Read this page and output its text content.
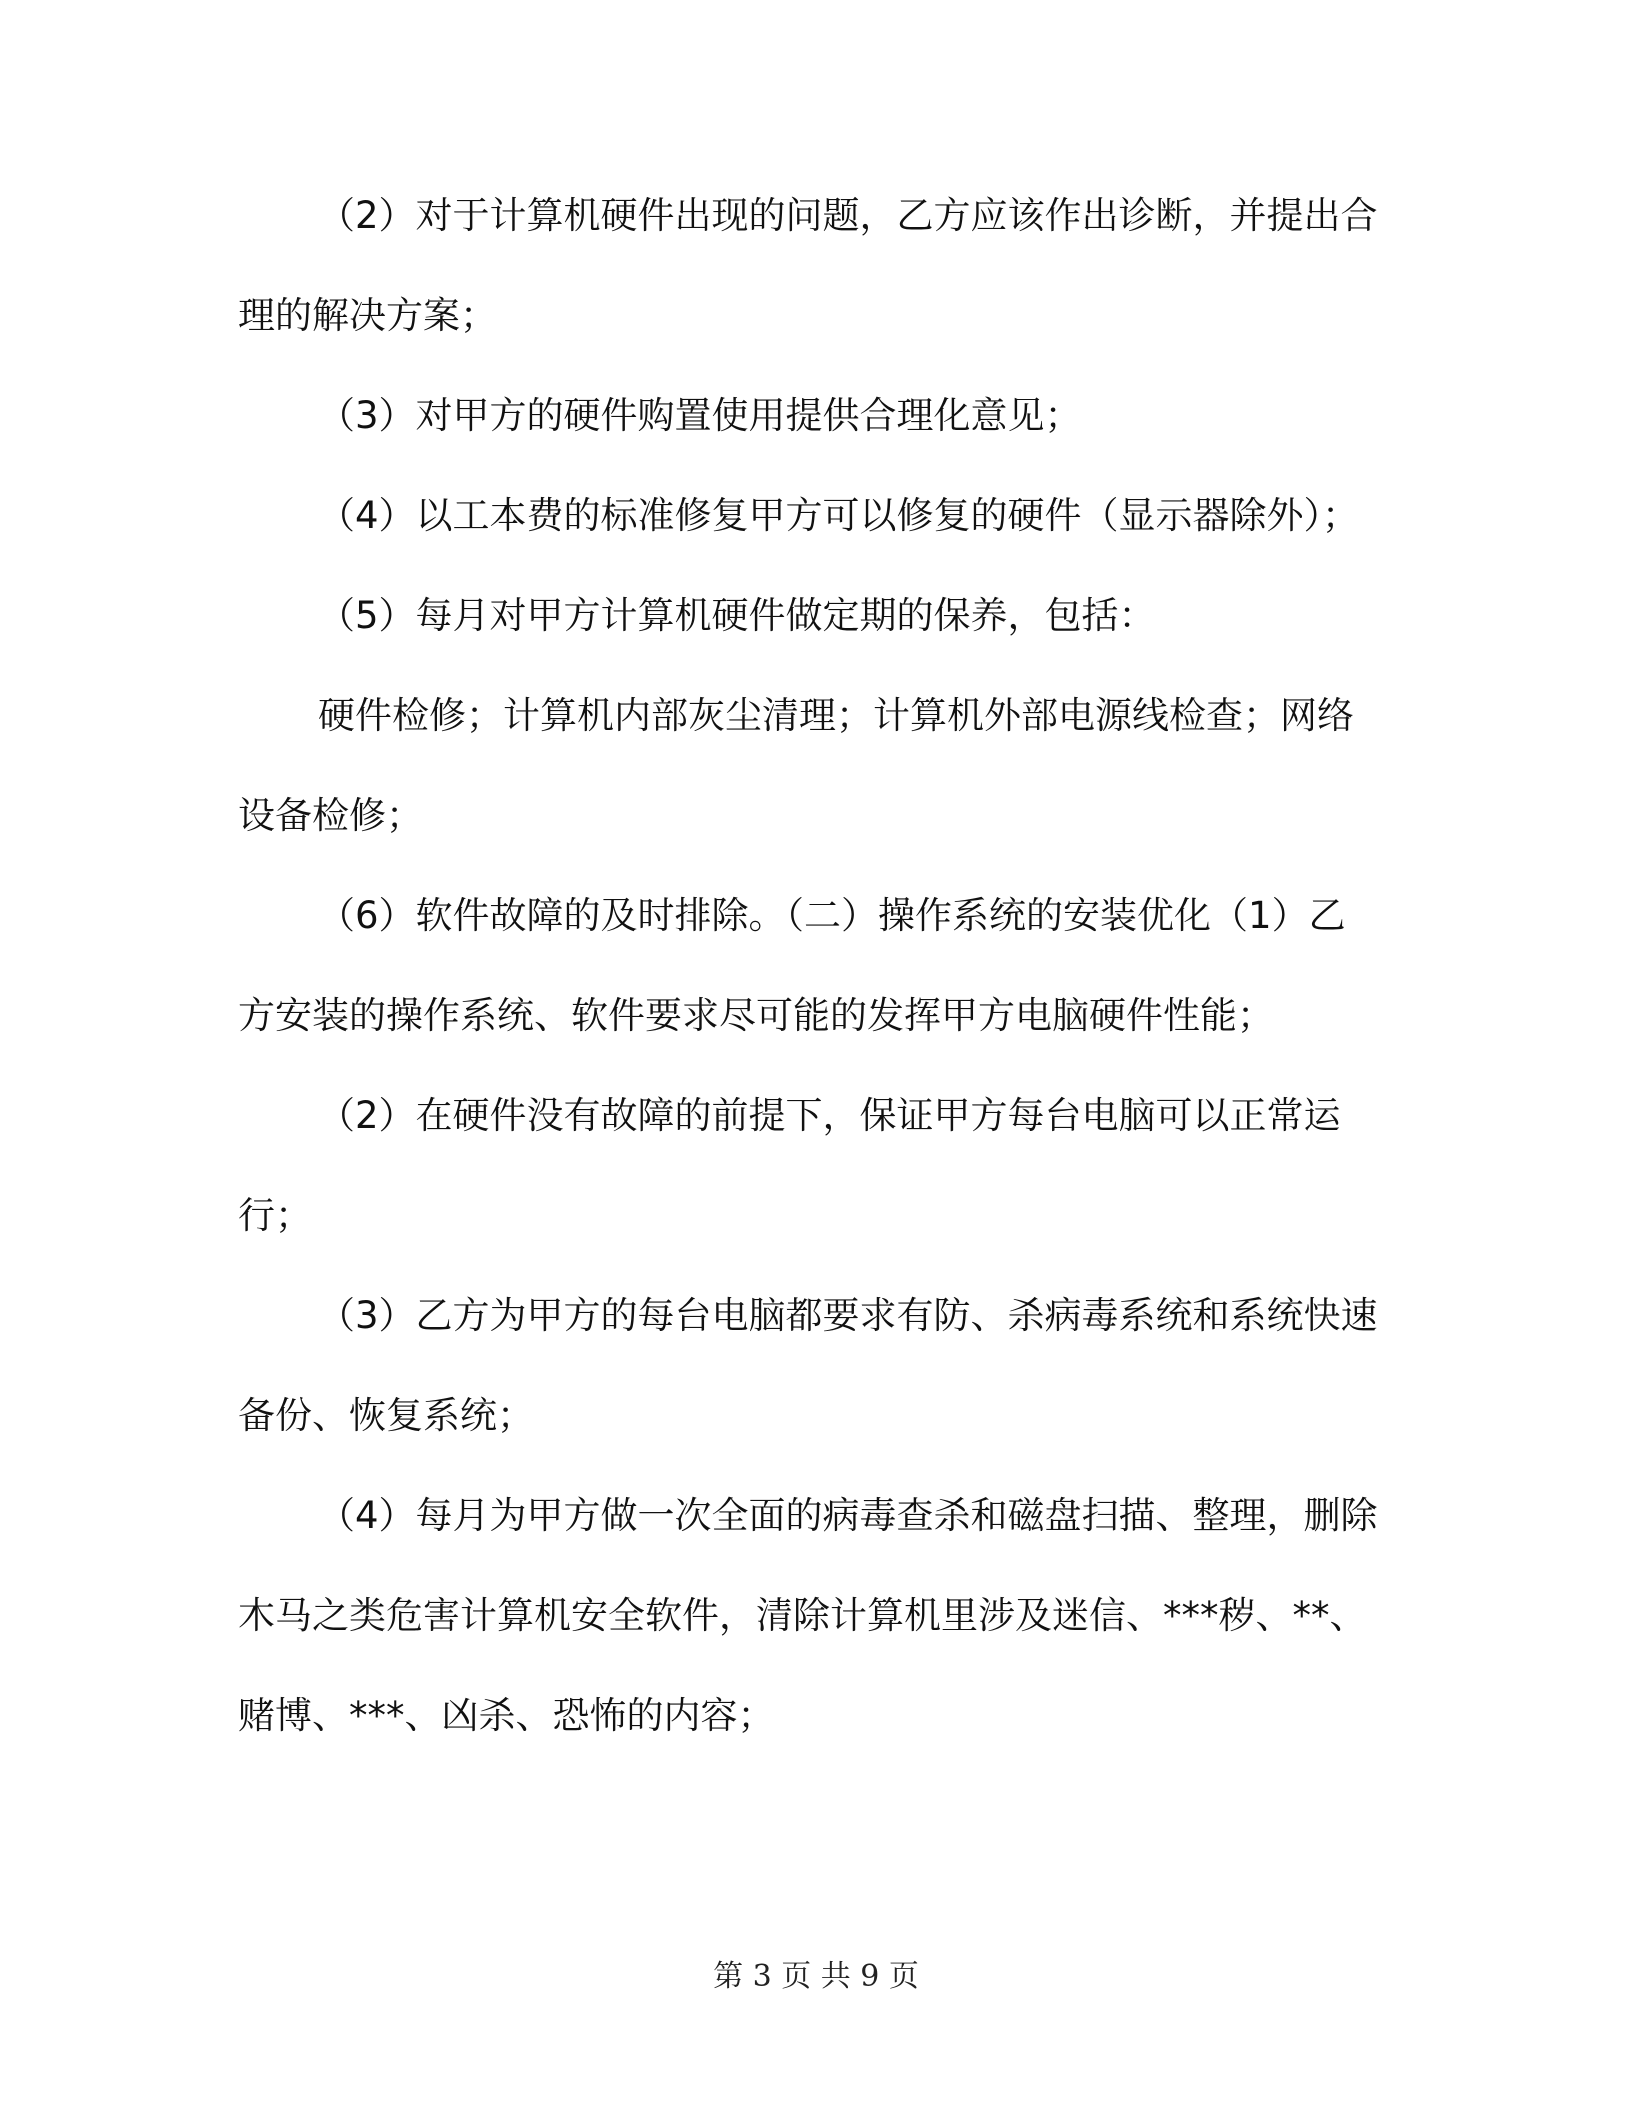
（2）对于计算机硬件出现的问题，乙方应该作出诊断，并提出合
理的解决方案；
（3）对甲方的硬件购置使用提供合理化意见；
（4）以工本费的标准修复甲方可以修复的硬件（显示器除外）；
（5）每月对甲方计算机硬件做定期的保养，包括：
硬件检修；计算机内部灰尘清理；计算机外部电源线检查；网络
设备检修；
（6）软件故障的及时排除。（二）操作系统的安装优化（1）乙
方安装的操作系统、软件要求尽可能的发挥甲方电脑硬件性能；
（2）在硬件没有故障的前提下，保证甲方每台电脑可以正常运
行；
（3）乙方为甲方的每台电脑都要求有防、杀病毒系统和系统快速
备份、恢复系统；
（4）每月为甲方做一次全面的病毒查杀和磁盘扫描、整理，删除
木马之类危害计算机安全软件，清除计算机里涉及迷信、***秽、**、
赌博、***、凶杀、恐怖的内容；
第 3 页 共 9 页
